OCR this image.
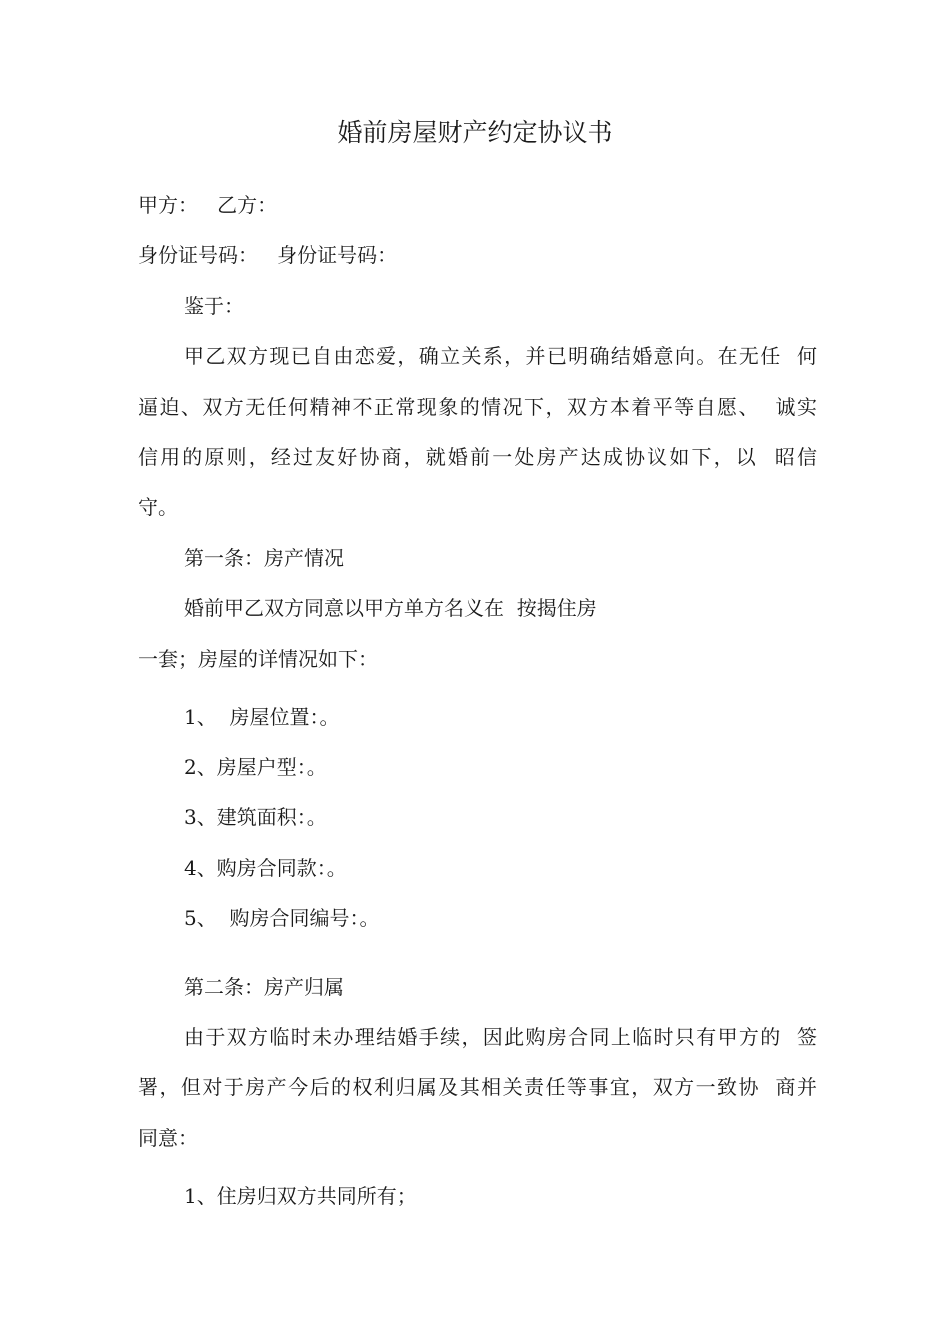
婚前房屋财产约定协议书
甲方：   乙方：
身份证号码：   身份证号码：
鉴于：
甲乙双方现已自由恋爱，确立关系，并已明确结婚意向。在无任  何
逼迫、双方无任何精神不正常现象的情况下，双方本着平等自愿、  诚实
信用的原则，经过友好协商，就婚前一处房产达成协议如下，以  昭信
守。
第一条：房产情况
婚前甲乙双方同意以甲方单方名义在  按揭住房
一套；房屋的详情况如下：
1、  房屋位置：。
2、房屋户型：。
3、建筑面积：。
4、购房合同款：。
5、  购房合同编号：。
第二条：房产归属
由于双方临时未办理结婚手续，因此购房合同上临时只有甲方的  签
署，但对于房产今后的权利归属及其相关责任等事宜，双方一致协  商并
同意：
1、住房归双方共同所有；
